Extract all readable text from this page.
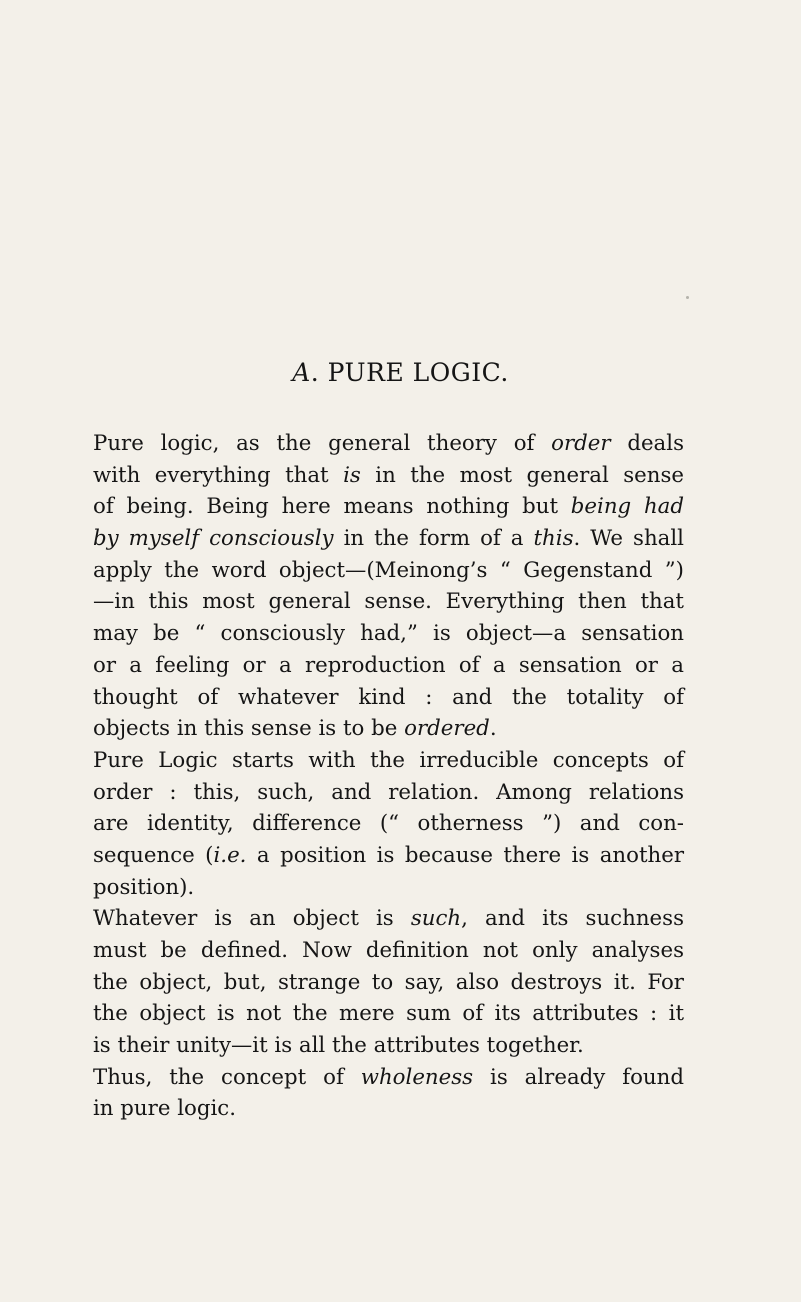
A. PURE LOGIC.
Pure logic, as the general theory of order deals
with everything that is in the most general sense
of being. Being here means nothing but being had
by myself consciously in the form of a this. We shall
apply the word object—(Meinong’s “ Gegenstand ”)
—in this most general sense. Everything then that
may be “ consciously had,” is object—a sensation
or a feeling or a reproduction of a sensation or a
thought of whatever kind : and the totality of
objects in this sense is to be ordered.
Pure Logic starts with the irreducible concepts of
order : this, such, and relation. Among relations
are identity, difference (“ otherness ”) and con-
sequence (i.e. a position is because there is another
position).
Whatever is an object is such, and its suchness
must be defined. Now definition not only analyses
the object, but, strange to say, also destroys it. For
the object is not the mere sum of its attributes : it
is their unity—it is all the attributes together.
Thus, the concept of wholeness is already found
in pure logic.
